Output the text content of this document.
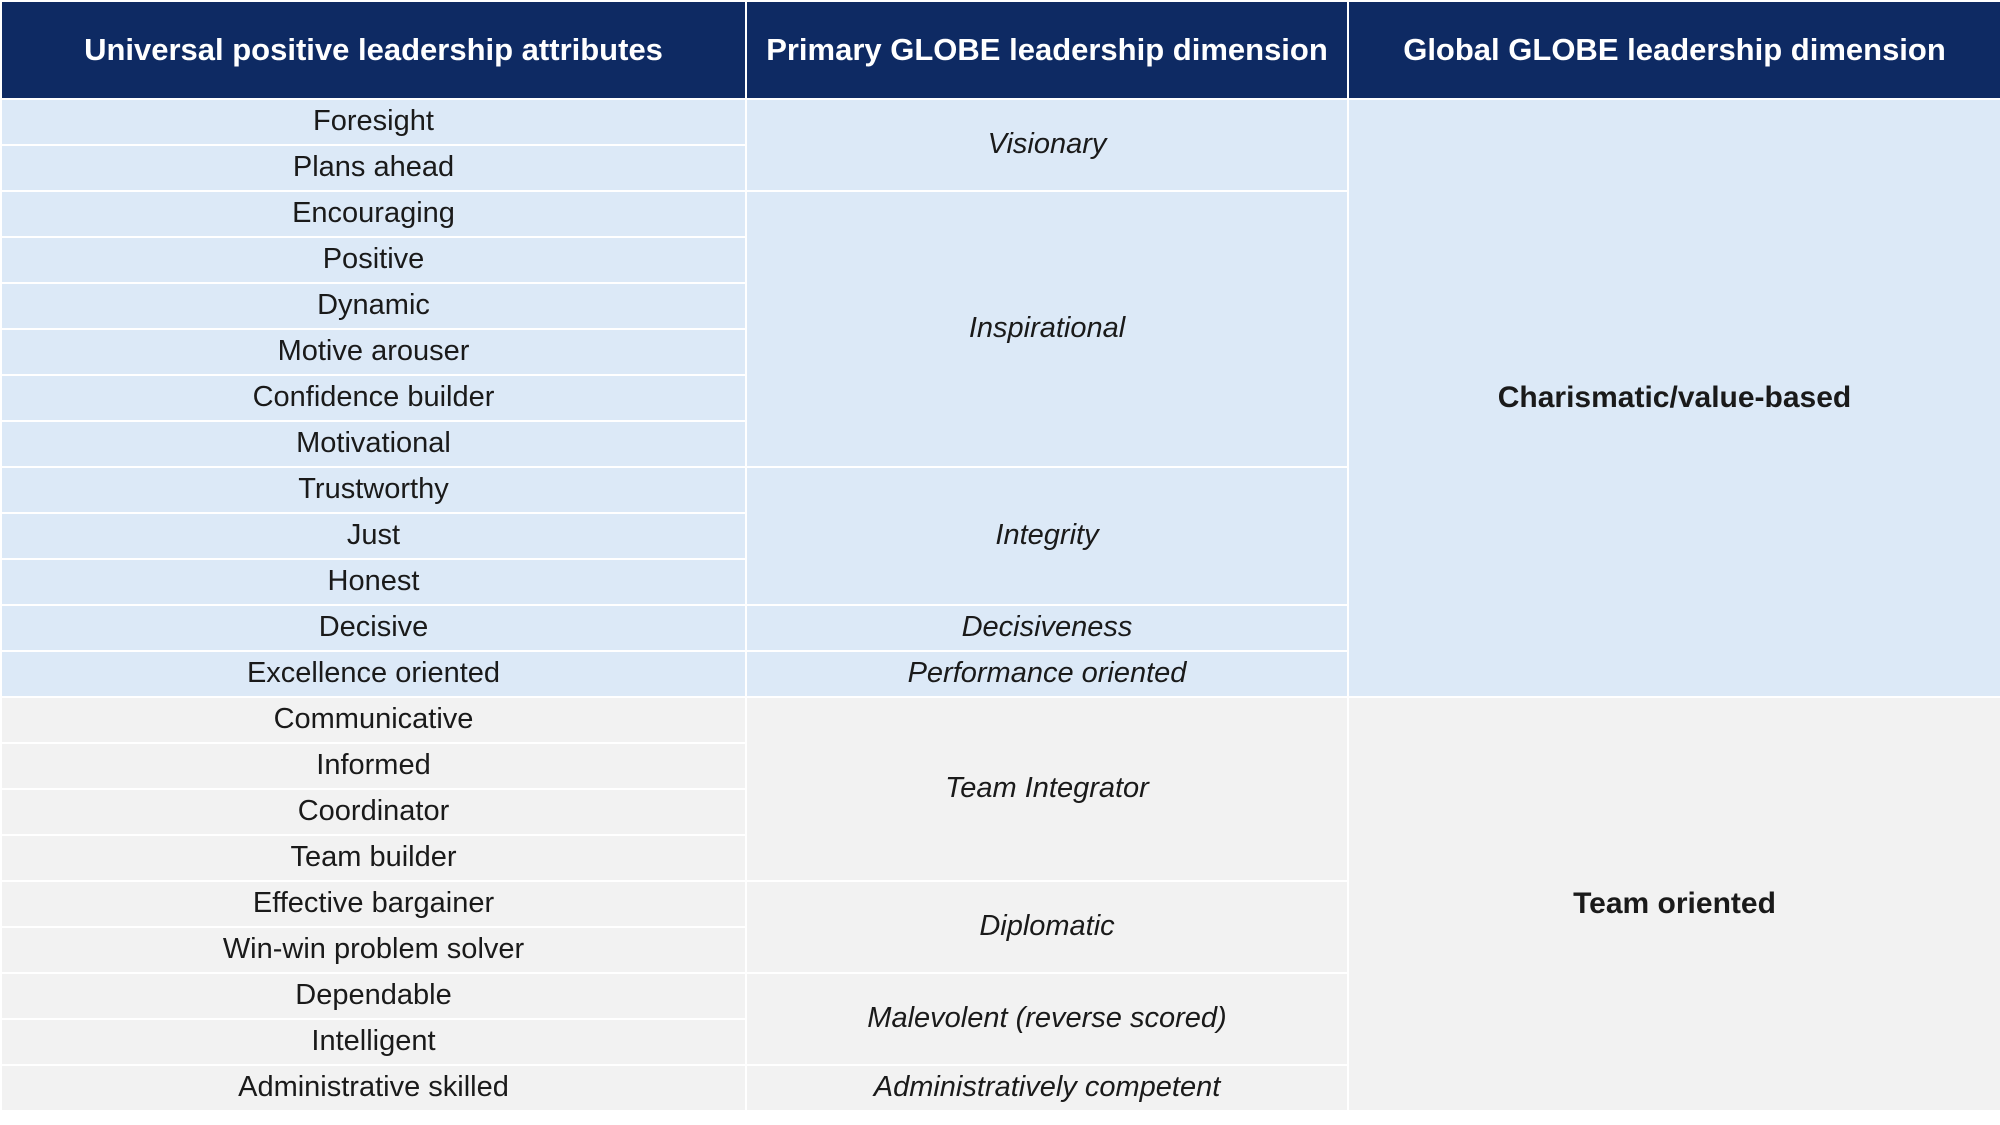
Universal positive leadership attributes	Primary GLOBE leadership dimension	Global GLOBE leadership dimension
Foresight	Visionary	Charismatic/value-based
Plans ahead		
Encouraging	Inspirational	
Positive		
Dynamic		
Motive arouser		
Confidence builder		
Motivational		
Trustworthy	Integrity	
Just		
Honest		
Decisive	Decisiveness	
Excellence oriented	Performance oriented	
Communicative	Team Integrator	Team oriented
Informed		
Coordinator		
Team builder		
Effective bargainer	Diplomatic	
Win-win problem solver		
Dependable	Malevolent (reverse scored)	
Intelligent		
Administrative skilled	Administratively competent	
